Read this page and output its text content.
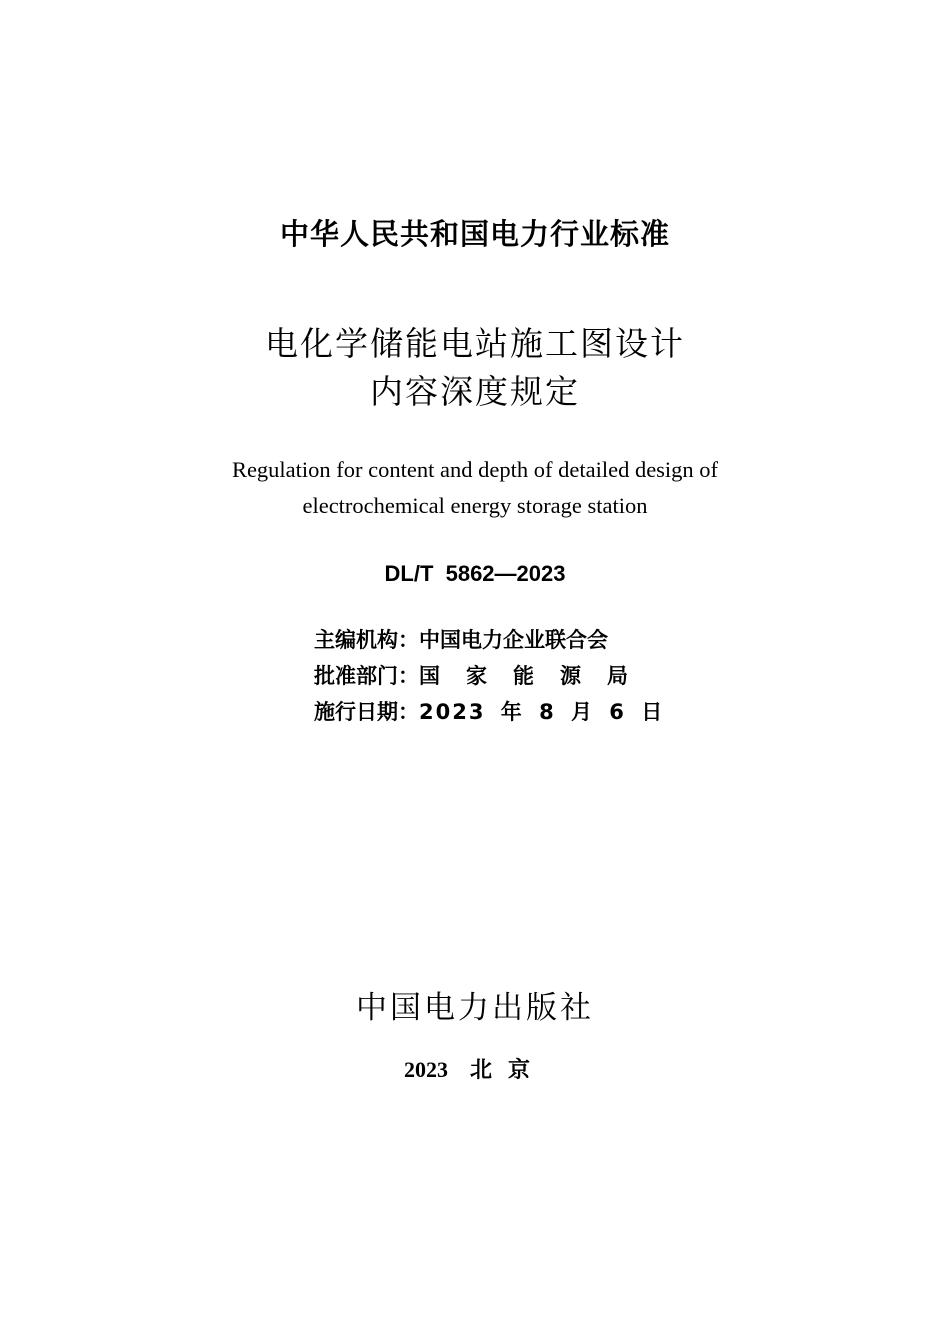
中华人民共和国电力行业标准
电化学储能电站施工图设计
内容深度规定
Regulation for content and depth of detailed design of
electrochemical energy storage station
DL/T  5862—2023
主编机构：中国电力企业联合会
批准部门：国家能源局
施行日期：2023 年 8 月 6 日
中国电力出版社
2023 北京
